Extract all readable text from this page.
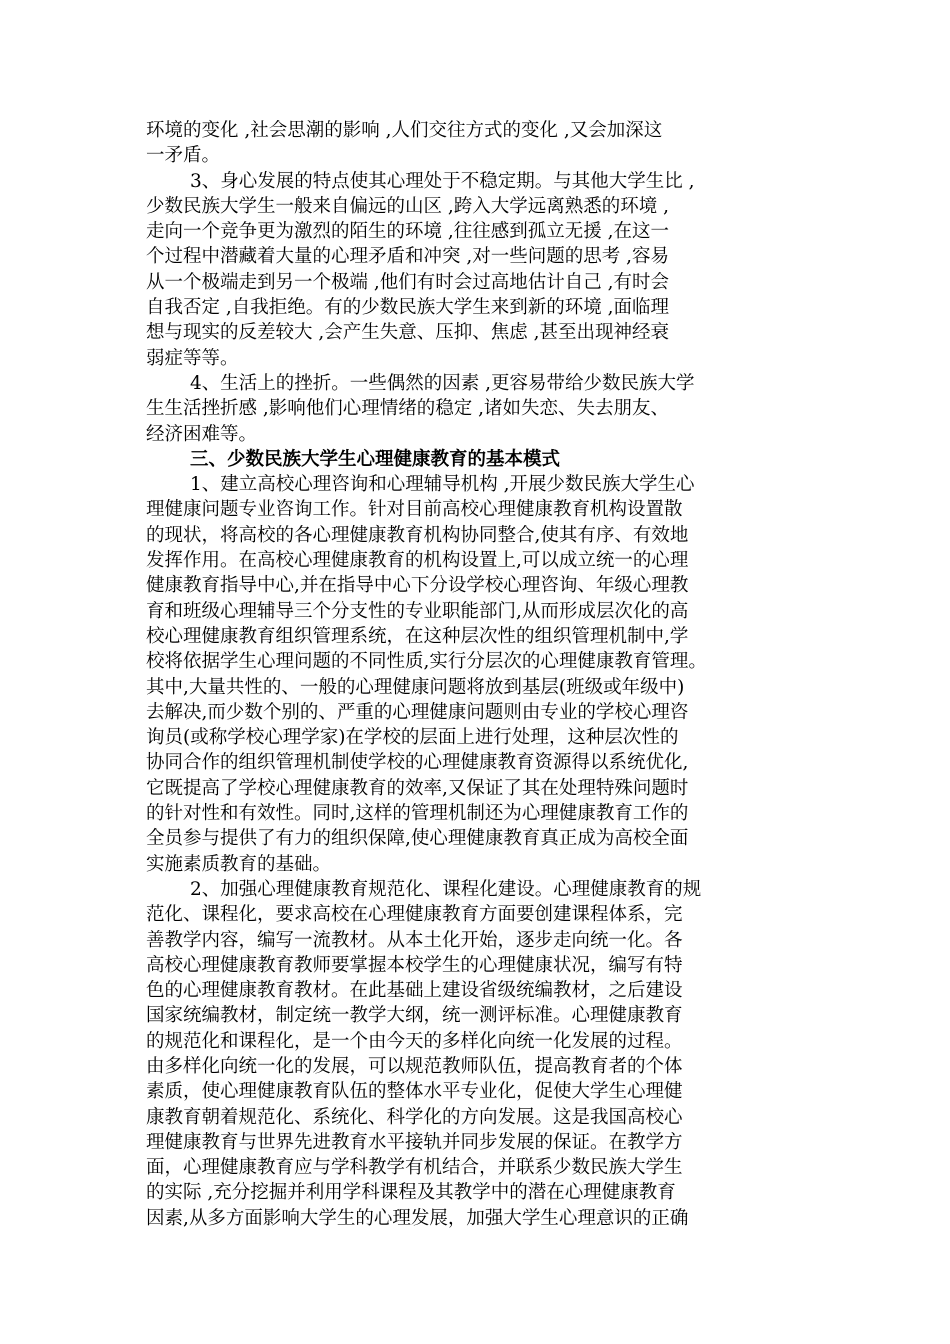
环境的变化 ,社会思潮的影响 ,人们交往方式的变化 ,又会加深这
一矛盾。
3、身心发展的特点使其心理处于不稳定期。与其他大学生比 ,
少数民族大学生一般来自偏远的山区 ,跨入大学远离熟悉的环境 ,
走向一个竞争更为激烈的陌生的环境 ,往往感到孤立无援 ,在这一
个过程中潜藏着大量的心理矛盾和冲突 ,对一些问题的思考 ,容易
从一个极端走到另一个极端 ,他们有时会过高地估计自己 ,有时会
自我否定 ,自我拒绝。有的少数民族大学生来到新的环境 ,面临理
想与现实的反差较大 ,会产生失意、压抑、焦虑 ,甚至出现神经衰
弱症等等。
4、生活上的挫折。一些偶然的因素 ,更容易带给少数民族大学
生生活挫折感 ,影响他们心理情绪的稳定 ,诸如失恋、失去朋友、
经济困难等。
三、少数民族大学生心理健康教育的基本模式
1、建立高校心理咨询和心理辅导机构 ,开展少数民族大学生心
理健康问题专业咨询工作。针对目前高校心理健康教育机构设置散
的现状，将高校的各心理健康教育机构协同整合,使其有序、有效地
发挥作用。在高校心理健康教育的机构设置上,可以成立统一的心理
健康教育指导中心,并在指导中心下分设学校心理咨询、年级心理教
育和班级心理辅导三个分支性的专业职能部门,从而形成层次化的高
校心理健康教育组织管理系统，在这种层次性的组织管理机制中,学
校将依据学生心理问题的不同性质,实行分层次的心理健康教育管理。
其中,大量共性的、一般的心理健康问题将放到基层(班级或年级中)
去解决,而少数个别的、严重的心理健康问题则由专业的学校心理咨
询员(或称学校心理学家)在学校的层面上进行处理，这种层次性的
协同合作的组织管理机制使学校的心理健康教育资源得以系统优化,
它既提高了学校心理健康教育的效率,又保证了其在处理特殊问题时
的针对性和有效性。同时,这样的管理机制还为心理健康教育工作的
全员参与提供了有力的组织保障,使心理健康教育真正成为高校全面
实施素质教育的基础。
2、加强心理健康教育规范化、课程化建设。心理健康教育的规
范化、课程化，要求高校在心理健康教育方面要创建课程体系，完
善教学内容，编写一流教材。从本土化开始，逐步走向统一化。各
高校心理健康教育教师要掌握本校学生的心理健康状况，编写有特
色的心理健康教育教材。在此基础上建设省级统编教材，之后建设
国家统编教材，制定统一教学大纲，统一测评标准。心理健康教育
的规范化和课程化，是一个由今天的多样化向统一化发展的过程。
由多样化向统一化的发展，可以规范教师队伍，提高教育者的个体
素质，使心理健康教育队伍的整体水平专业化，促使大学生心理健
康教育朝着规范化、系统化、科学化的方向发展。这是我国高校心
理健康教育与世界先进教育水平接轨并同步发展的保证。在教学方
面，心理健康教育应与学科教学有机结合，并联系少数民族大学生
的实际 ,充分挖掘并利用学科课程及其教学中的潜在心理健康教育
因素,从多方面影响大学生的心理发展，加强大学生心理意识的正确
